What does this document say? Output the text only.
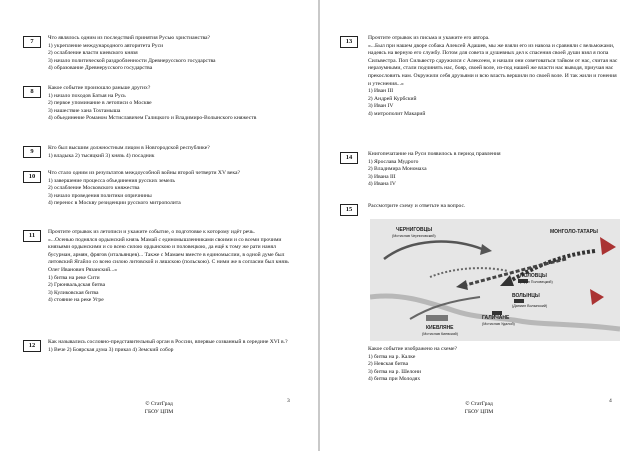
7	Что являлось одним из последствий принятия Русью христианства?
1) укрепление международного авторитета Руси
2) ослабление власти киевского князя
3) начало политической раздробленности Древнерусского государства
4) образование Древнерусского государства
8	Какое событие произошло раньше других?
1) начало походов Батыя на Русь
2) первое упоминание в летописи о Москве
3) нашествие хана Тохтамыша
4) объединение Романом Мстиславичем Галицкого и Владимиро-Волынского княжеств
9	Кто был высшим должностным лицом в Новгородской республике?
1) владыка 2) тысяцкий 3) князь 4) посадник
10	Что стало одним из результатов междоусобной войны второй четверти XV века?
1) завершение процесса объединения русских земель
2) ослабление Московского княжества
3) начало проведения политики опричнины
4) перенос в Москву резиденции русского митрополита
11	Прочтите отрывок из летописи и укажите событие, о подготовке к которому идёт речь.
«...Осенью поднялся ордынский князь Мамай с единомышленниками своими и со всеми прочими князьями ордынскими и со всею силою ордынскою и половецкою, да ещё к тому же рати нанял бусурман, армян, фрягов (итальянцев)... Также с Мамаем вместе в единомыслии, в одной думе был литовский Ягайло со всею силою литовской и ляшскою (польскою). С ними же в согласии был князь Олег Иванович Рязанский...»
1) битва на реке Сити
2) Грюнвальдская битва
3) Куликовская битва
4) стояние на реке Угре
12	Как назывались сословно-представительный орган в России, впервые созванный в середине XVI в.?
1) Вече 2) Боярская дума 3) приказ 4) Земский собор
3
© СтатГрад
ГБОУ ЦПМ
13	Прочтите отрывок из письма и укажите его автора.
«...Был при нашем дворе собака Алексей Адашев, мы же взяли его из навоза и сравняли с вельможами, надеясь на верную его службу. Потом для совета и душевных дел к спасения своей души взял я попа Сильвестра. Поп Сильвестр сдружился с Алексеем, и начали они советоваться тайком от нас, считая нас неразумными, стали подчинять нас, бояр, своей воле, из-под нашей же власти нас выводя, приучая нас прекословить нам. Окружили себя друзьями и всю власть вершили по своей воле. И так жили и гонения и утеснения...»
1) Иван III
2) Андрей Курбский
3) Иван IV
4) митрополит Макарий
14	Книгопечатание на Руси появилось в период правления
1) Ярослава Мудрого
2) Владимира Мономаха
3) Ивана III
4) Ивана IV
15	Рассмотрите схему и ответьте на вопрос.
ЧЕРНИГОВЦЫ
(Мстислав Черниговский)
МОНГОЛО-ТАТАРЫ
ПОЛОВЦЫ
(Ярун Половецкий)
ВОЛЫНЦЫ
(Даниил Волынский)
ГАЛИЧАНЕ
(Мстислав Удалой)
КИЕВЛЯНЕ
(Мстислав Киевский)
Какое событие изображено на схеме?
1) битва на р. Калке
2) Невская битва
3) битва на р. Шелони
4) битва при Молодях
4
© СтатГрад
ГБОУ ЦПМ
